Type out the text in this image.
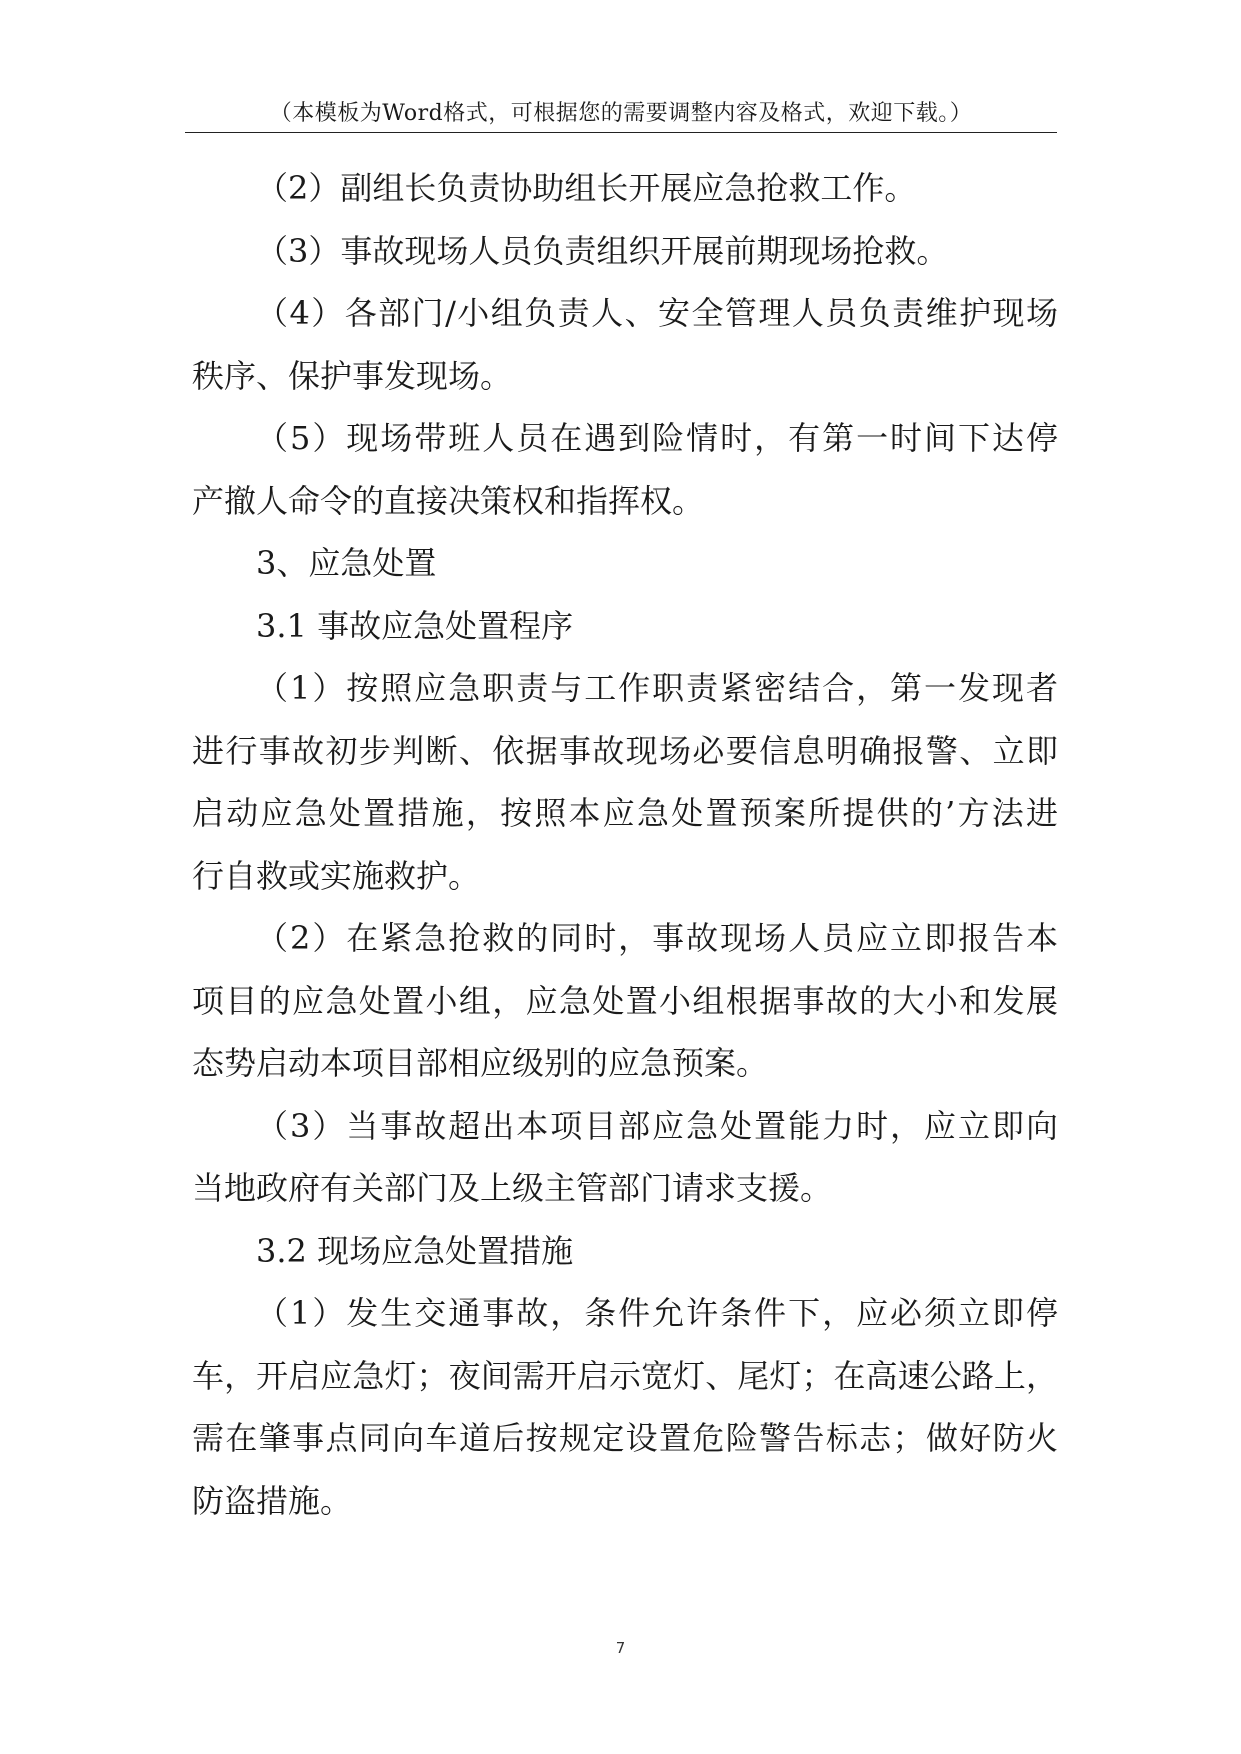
（本模板为Word格式，可根据您的需要调整内容及格式，欢迎下载。）
（2）副组长负责协助组长开展应急抢救工作。
（3）事故现场人员负责组织开展前期现场抢救。
（4）各部门/小组负责人、安全管理人员负责维护现场
秩序、保护事发现场。
（5）现场带班人员在遇到险情时，有第一时间下达停
产撤人命令的直接决策权和指挥权。
3、应急处置
3.1 事故应急处置程序
（1）按照应急职责与工作职责紧密结合，第一发现者
进行事故初步判断、依据事故现场必要信息明确报警、立即
启动应急处置措施，按照本应急处置预案所提供的’方法进
行自救或实施救护。
（2）在紧急抢救的同时，事故现场人员应立即报告本
项目的应急处置小组，应急处置小组根据事故的大小和发展
态势启动本项目部相应级别的应急预案。
（3）当事故超出本项目部应急处置能力时，应立即向
当地政府有关部门及上级主管部门请求支援。
3.2 现场应急处置措施
（1）发生交通事故，条件允许条件下，应必须立即停
车，开启应急灯；夜间需开启示宽灯、尾灯；在高速公路上，
需在肇事点同向车道后按规定设置危险警告标志；做好防火
防盗措施。
7
